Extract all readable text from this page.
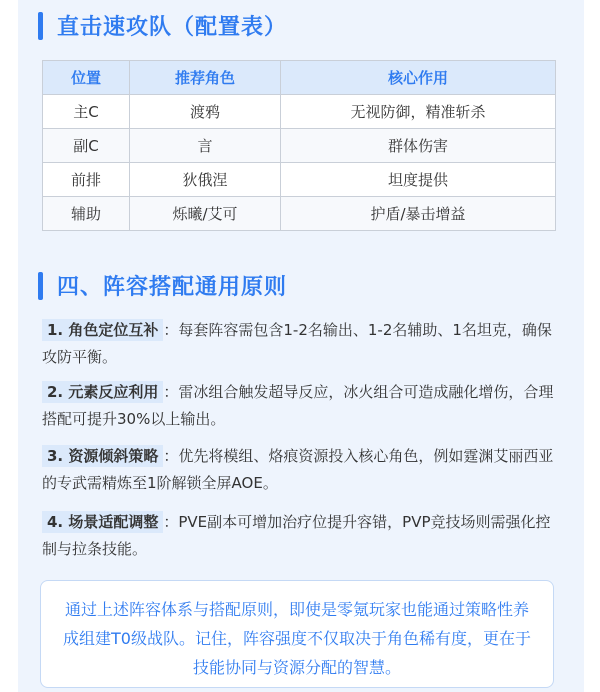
直击速攻队（配置表）
位置	推荐角色	核心作用
主C	渡鸦	无视防御，精准斩杀
副C	言	群体伤害
前排	狄俄涅	坦度提供
辅助	烁曦/艾可	护盾/暴击增益
四、阵容搭配通用原则
1. 角色定位互补 ：每套阵容需包含1-2名输出、1-2名辅助、1名坦克，确保攻防平衡。
2. 元素反应利用 ：雷冰组合触发超导反应，冰火组合可造成融化增伤，合理搭配可提升30%以上输出。
3. 资源倾斜策略 ：优先将模组、烙痕资源投入核心角色，例如霆渊艾丽西亚的专武需精炼至1阶解锁全屏AOE。
4. 场景适配调整 ：PVE副本可增加治疗位提升容错，PVP竞技场则需强化控制与拉条技能。
通过上述阵容体系与搭配原则，即使是零氪玩家也能通过策略性养成组建T0级战队。记住，阵容强度不仅取决于角色稀有度，更在于技能协同与资源分配的智慧。
